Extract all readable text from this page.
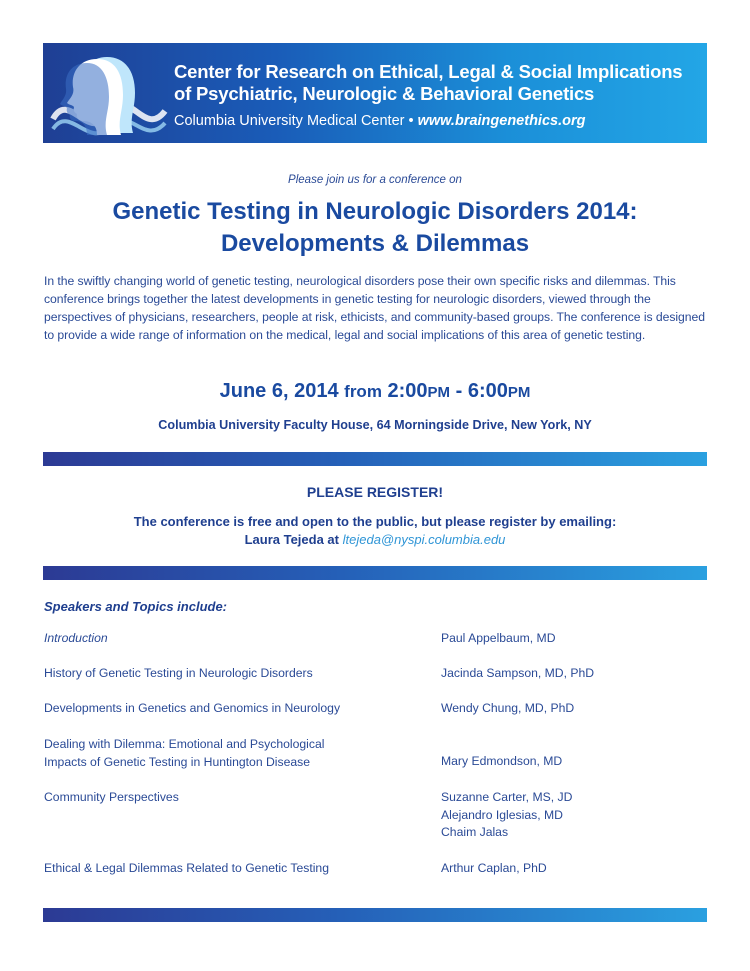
Center for Research on Ethical, Legal & Social Implications
of Psychiatric, Neurologic & Behavioral Genetics
Columbia University Medical Center • www.braingenethics.org
Please join us for a conference on
Genetic Testing in Neurologic Disorders 2014:
Developments & Dilemmas
In the swiftly changing world of genetic testing, neurological disorders pose their own specific risks and dilemmas. This conference brings together the latest developments in genetic testing for neurologic disorders, viewed through the perspectives of physicians, researchers, people at risk, ethicists, and community-based groups. The conference is designed to provide a wide range of information on the medical, legal and social implications of this area of genetic testing.
June 6, 2014 from 2:00PM - 6:00PM
Columbia University Faculty House, 64 Morningside Drive, New York, NY
PLEASE REGISTER!
The conference is free and open to the public, but please register by emailing:
Laura Tejeda at ltejeda@nyspi.columbia.edu
Speakers and Topics include:
Introduction	Paul Appelbaum, MD
History of Genetic Testing in Neurologic Disorders	Jacinda Sampson, MD, PhD
Developments in Genetics and Genomics in Neurology	Wendy Chung, MD, PhD
Dealing with Dilemma: Emotional and Psychological
Impacts of Genetic Testing in Huntington Disease	Mary Edmondson, MD
Community Perspectives	Suzanne Carter, MS, JD
Alejandro Iglesias, MD
Chaim Jalas
Ethical & Legal Dilemmas Related to Genetic Testing	Arthur Caplan, PhD
